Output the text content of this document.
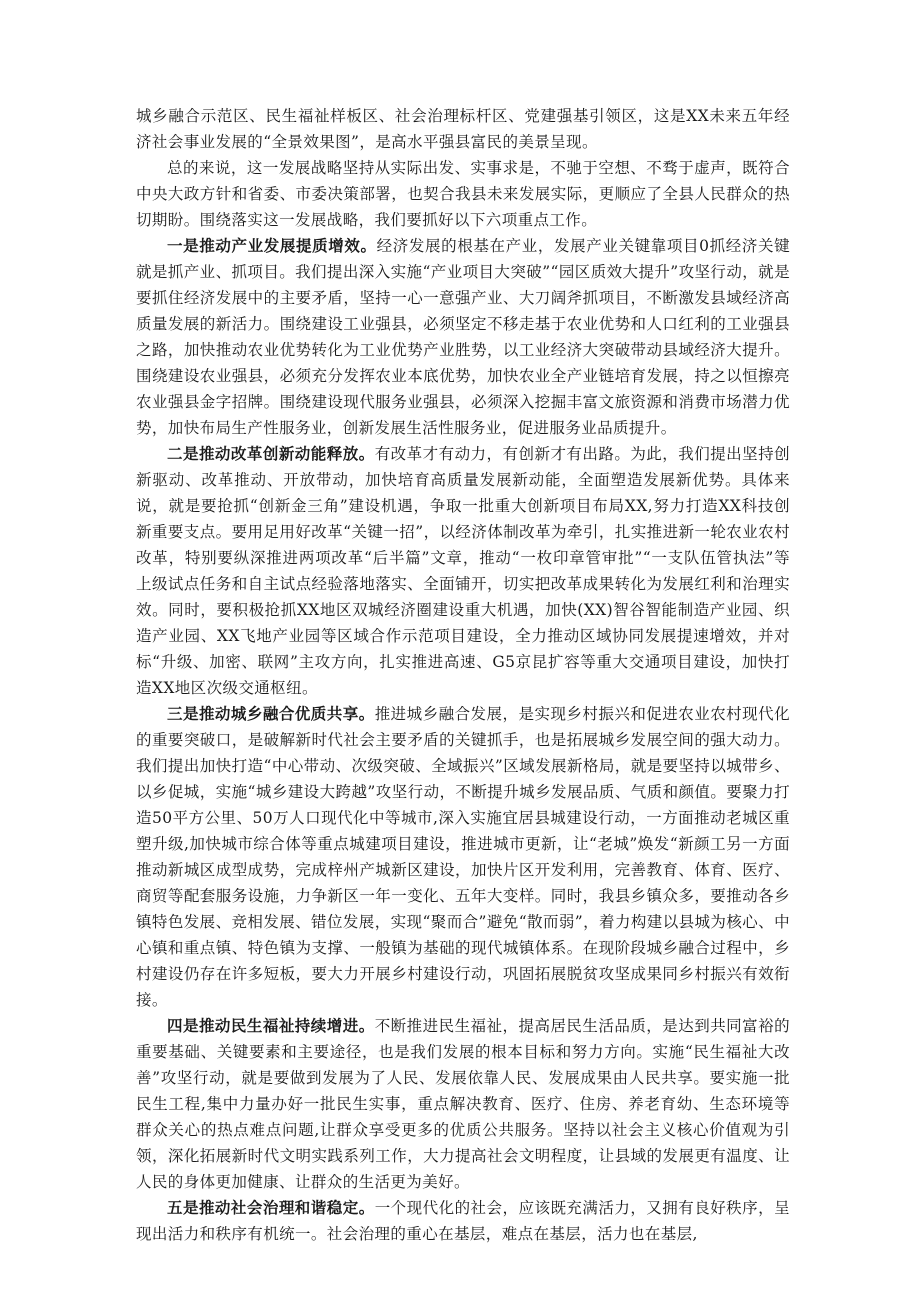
城乡融合示范区、民生福祉样板区、社会治理标杆区、党建强基引领区，这是XX未来五年经济社会事业发展的“全景效果图”，是高水平强县富民的美景呈现。

总的来说，这一发展战略坚持从实际出发、实事求是，不驰于空想、不骛于虚声，既符合中央大政方针和省委、市委决策部署，也契合我县未来发展实际，更顺应了全县人民群众的热切期盼。围绕落实这一发展战略，我们要抓好以下六项重点工作。

一是推动产业发展提质增效。经济发展的根基在产业，发展产业关键靠项目0抓经济关键就是抓产业、抓项目。我们提出深入实施“产业项目大突破”“园区质效大提升”攻坚行动，就是要抓住经济发展中的主要矛盾，坚持一心一意强产业、大刀阔斧抓项目，不断激发县域经济高质量发展的新活力。围绕建设工业强县，必须坚定不移走基于农业优势和人口红利的工业强县之路，加快推动农业优势转化为工业优势产业胜势，以工业经济大突破带动县域经济大提升。围绕建设农业强县，必须充分发挥农业本底优势，加快农业全产业链培育发展，持之以恒擦亮农业强县金字招牌。围绕建设现代服务业强县，必须深入挖掘丰富文旅资源和消费市场潜力优势，加快布局生产性服务业，创新发展生活性服务业，促进服务业品质提升。

二是推动改革创新动能释放。有改革才有动力，有创新才有出路。为此，我们提出坚持创新驱动、改革推动、开放带动，加快培育高质量发展新动能，全面塑造发展新优势。具体来说，就是要抢抓“创新金三角”建设机遇，争取一批重大创新项目布局XX,努力打造XX科技创新重要支点。要用足用好改革“关键一招”，以经济体制改革为牵引，扎实推进新一轮农业农村改革，特别要纵深推进两项改革“后半篇”文章，推动“一枚印章管审批”“一支队伍管执法”等上级试点任务和自主试点经验落地落实、全面铺开，切实把改革成果转化为发展红利和治理实效。同时，要积极抢抓XX地区双城经济圈建设重大机遇，加快(XX)智谷智能制造产业园、织造产业园、XX飞地产业园等区域合作示范项目建设，全力推动区域协同发展提速增效，并对标“升级、加密、联网”主攻方向，扎实推进高速、G5京昆扩容等重大交通项目建设，加快打造XX地区次级交通枢纽。

三是推动城乡融合优质共享。推进城乡融合发展，是实现乡村振兴和促进农业农村现代化的重要突破口，是破解新时代社会主要矛盾的关键抓手，也是拓展城乡发展空间的强大动力。我们提出加快打造“中心带动、次级突破、全域振兴”区域发展新格局，就是要坚持以城带乡、以乡促城，实施“城乡建设大跨越”攻坚行动，不断提升城乡发展品质、气质和颜值。要聚力打造50平方公里、50万人口现代化中等城市,深入实施宜居县城建设行动，一方面推动老城区重塑升级,加快城市综合体等重点城建项目建设，推进城市更新，让“老城”焕发“新颜工另一方面推动新城区成型成势，完成梓州产城新区建设，加快片区开发利用，完善教育、体育、医疗、商贸等配套服务设施，力争新区一年一变化、五年大变样。同时，我县乡镇众多，要推动各乡镇特色发展、竞相发展、错位发展，实现“聚而合”避免“散而弱”，着力构建以县城为核心、中心镇和重点镇、特色镇为支撑、一般镇为基础的现代城镇体系。在现阶段城乡融合过程中，乡村建设仍存在许多短板，要大力开展乡村建设行动，巩固拓展脱贫攻坚成果同乡村振兴有效衔接。

四是推动民生福祉持续增进。不断推进民生福祉，提高居民生活品质，是达到共同富裕的重要基础、关键要素和主要途径，也是我们发展的根本目标和努力方向。实施“民生福祉大改善”攻坚行动，就是要做到发展为了人民、发展依靠人民、发展成果由人民共享。要实施一批民生工程,集中力量办好一批民生实事，重点解决教育、医疗、住房、养老育幼、生态环境等群众关心的热点难点问题,让群众享受更多的优质公共服务。坚持以社会主义核心价值观为引领，深化拓展新时代文明实践系列工作，大力提高社会文明程度，让县域的发展更有温度、让人民的身体更加健康、让群众的生活更为美好。

五是推动社会治理和谐稳定。一个现代化的社会，应该既充满活力，又拥有良好秩序，呈现出活力和秩序有机统一。社会治理的重心在基层，难点在基层，活力也在基层,
